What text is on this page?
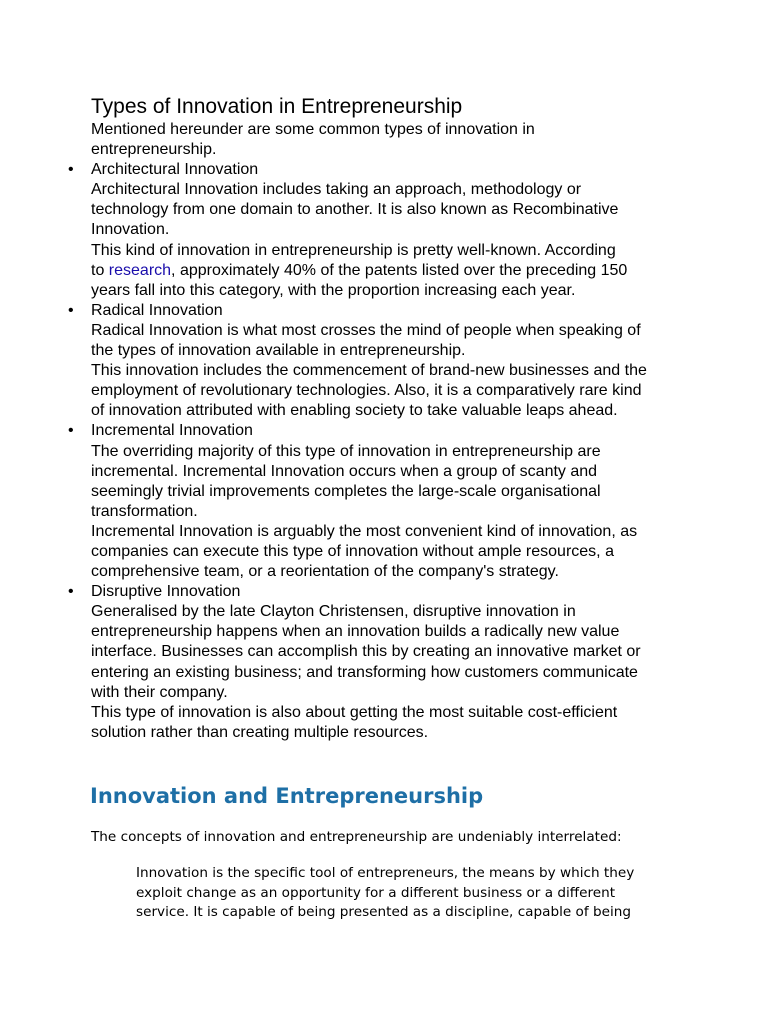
Types of Innovation in Entrepreneurship
Mentioned hereunder are some common types of innovation in
entrepreneurship.
• Architectural Innovation
Architectural Innovation includes taking an approach, methodology or
technology from one domain to another. It is also known as Recombinative
Innovation.
This kind of innovation in entrepreneurship is pretty well-known. According
to research, approximately 40% of the patents listed over the preceding 150
years fall into this category, with the proportion increasing each year.
• Radical Innovation
Radical Innovation is what most crosses the mind of people when speaking of
the types of innovation available in entrepreneurship.
This innovation includes the commencement of brand-new businesses and the
employment of revolutionary technologies. Also, it is a comparatively rare kind
of innovation attributed with enabling society to take valuable leaps ahead.
• Incremental Innovation
The overriding majority of this type of innovation in entrepreneurship are
incremental. Incremental Innovation occurs when a group of scanty and
seemingly trivial improvements completes the large-scale organisational
transformation.
Incremental Innovation is arguably the most convenient kind of innovation, as
companies can execute this type of innovation without ample resources, a
comprehensive team, or a reorientation of the company's strategy.
• Disruptive Innovation
Generalised by the late Clayton Christensen, disruptive innovation in
entrepreneurship happens when an innovation builds a radically new value
interface. Businesses can accomplish this by creating an innovative market or
entering an existing business; and transforming how customers communicate
with their company.
This type of innovation is also about getting the most suitable cost-efficient
solution rather than creating multiple resources.
Innovation and Entrepreneurship
The concepts of innovation and entrepreneurship are undeniably interrelated:
Innovation is the specific tool of entrepreneurs, the means by which they
exploit change as an opportunity for a different business or a different
service. It is capable of being presented as a discipline, capable of being
